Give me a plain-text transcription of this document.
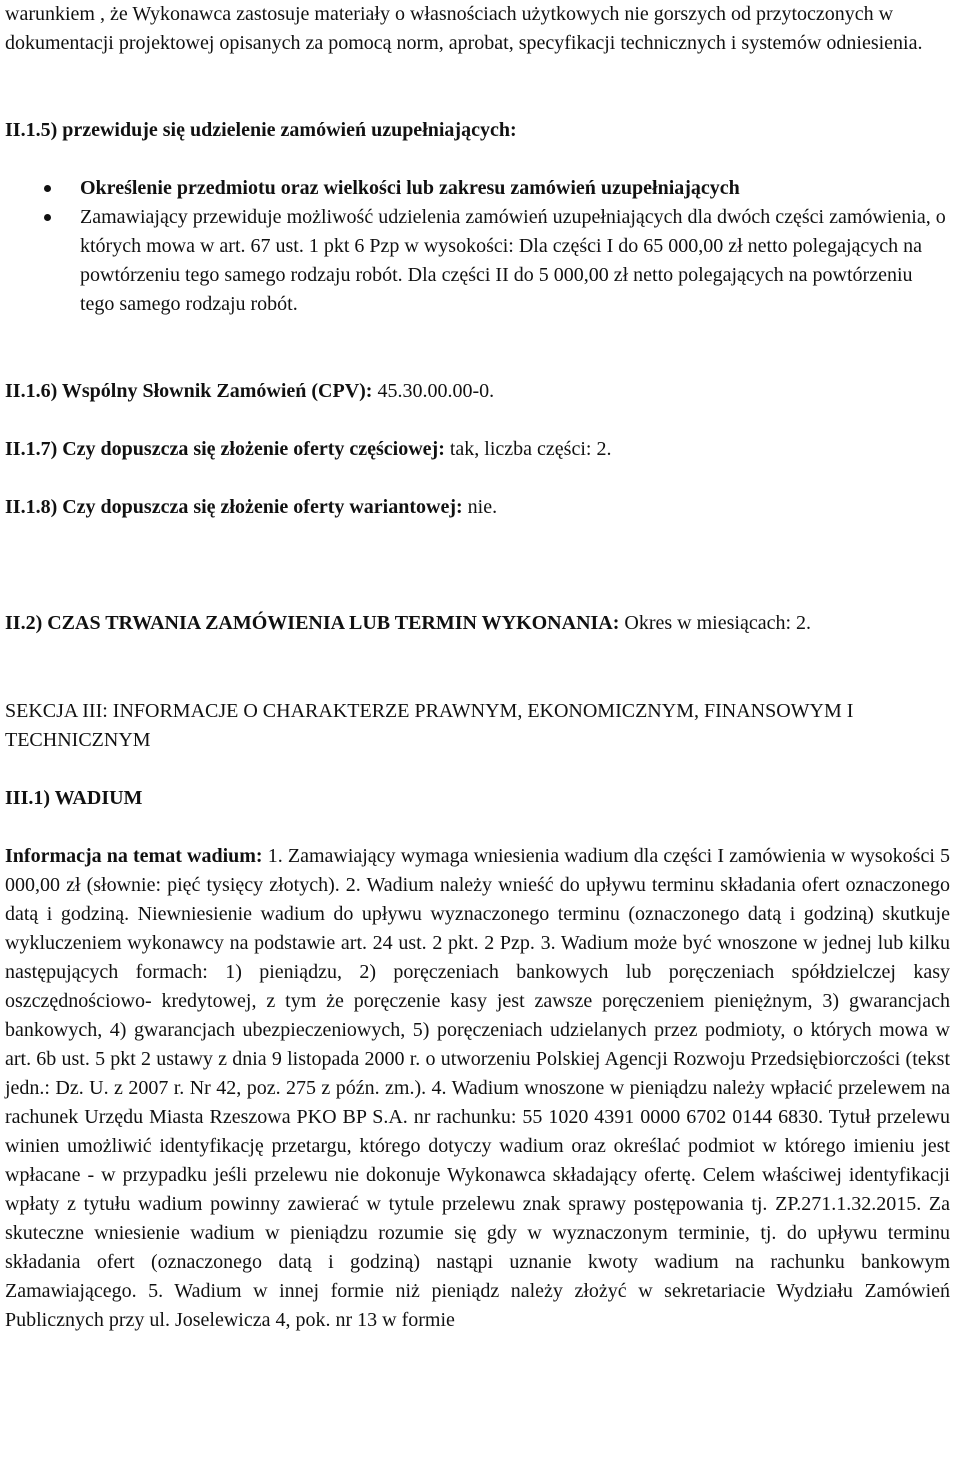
warunkiem , że Wykonawca zastosuje materiały o własnościach użytkowych nie gorszych od przytoczonych w dokumentacji projektowej opisanych za pomocą norm, aprobat, specyfikacji technicznych i systemów odniesienia.

II.1.5) przewiduje się udzielenie zamówień uzupełniających:

Określenie przedmiotu oraz wielkości lub zakresu zamówień uzupełniających
Zamawiający przewiduje możliwość udzielenia zamówień uzupełniających dla dwóch części zamówienia, o których mowa w art. 67 ust. 1 pkt 6 Pzp w wysokości: Dla części I do 65 000,00 zł netto polegających na powtórzeniu tego samego rodzaju robót. Dla części II do 5 000,00 zł netto polegających na powtórzeniu tego samego rodzaju robót.

II.1.6) Wspólny Słownik Zamówień (CPV): 45.30.00.00-0.

II.1.7) Czy dopuszcza się złożenie oferty częściowej: tak, liczba części: 2.

II.1.8) Czy dopuszcza się złożenie oferty wariantowej: nie.

II.2) CZAS TRWANIA ZAMÓWIENIA LUB TERMIN WYKONANIA: Okres w miesiącach: 2.

SEKCJA III: INFORMACJE O CHARAKTERZE PRAWNYM, EKONOMICZNYM, FINANSOWYM I TECHNICZNYM

III.1) WADIUM

Informacja na temat wadium: 1. Zamawiający wymaga wniesienia wadium dla części I zamówienia w wysokości 5 000,00 zł (słownie: pięć tysięcy złotych). 2. Wadium należy wnieść do upływu terminu składania ofert oznaczonego datą i godziną. Niewniesienie wadium do upływu wyznaczonego terminu (oznaczonego datą i godziną) skutkuje wykluczeniem wykonawcy na podstawie art. 24 ust. 2 pkt. 2 Pzp. 3. Wadium może być wnoszone w jednej lub kilku następujących formach: 1) pieniądzu, 2) poręczeniach bankowych lub poręczeniach spółdzielczej kasy oszczędnościowo- kredytowej, z tym że poręczenie kasy jest zawsze poręczeniem pieniężnym, 3) gwarancjach bankowych, 4) gwarancjach ubezpieczeniowych, 5) poręczeniach udzielanych przez podmioty, o których mowa w art. 6b ust. 5 pkt 2 ustawy z dnia 9 listopada 2000 r. o utworzeniu Polskiej Agencji Rozwoju Przedsiębiorczości (tekst jedn.: Dz. U. z 2007 r. Nr 42, poz. 275 z późn. zm.). 4. Wadium wnoszone w pieniądzu należy wpłacić przelewem na rachunek Urzędu Miasta Rzeszowa PKO BP S.A. nr rachunku: 55 1020 4391 0000 6702 0144 6830. Tytuł przelewu winien umożliwić identyfikację przetargu, którego dotyczy wadium oraz określać podmiot w którego imieniu jest wpłacane - w przypadku jeśli przelewu nie dokonuje Wykonawca składający ofertę. Celem właściwej identyfikacji wpłaty z tytułu wadium powinny zawierać w tytule przelewu znak sprawy postępowania tj. ZP.271.1.32.2015. Za skuteczne wniesienie wadium w pieniądzu rozumie się gdy w wyznaczonym terminie, tj. do upływu terminu składania ofert (oznaczonego datą i godziną) nastąpi uznanie kwoty wadium na rachunku bankowym Zamawiającego. 5. Wadium w innej formie niż pieniądz należy złożyć w sekretariacie Wydziału Zamówień Publicznych przy ul. Joselewicza 4, pok. nr 13 w formie
